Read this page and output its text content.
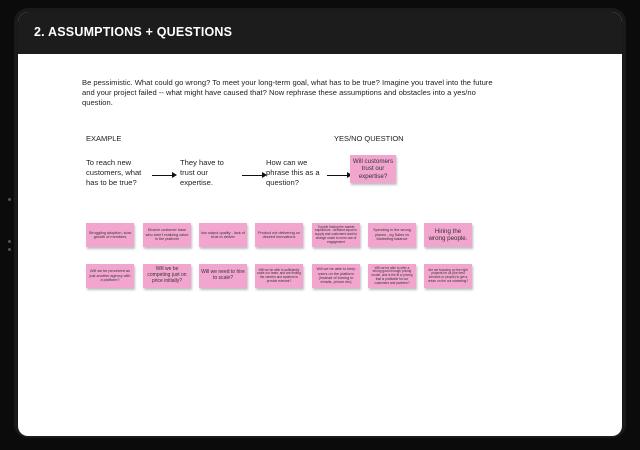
2. ASSUMPTIONS + QUESTIONS
Be pessimistic. What could go wrong? To meet your long-term goal, what has to be true? Imagine you travel into the future and your project failed -- what might have caused that? Now rephrase these assumptions and obstacles into a yes/no question.
EXAMPLE	YES/NO QUESTION
To reach new customers, what has to be true?
They have to trust our expertise.
How can we phrase this as a question?
Will customers trust our expertise?
Struggling adoption, slow growth of members
Elusive customer base who aren't realizing value in the platform
low output quality - lack of trust to deliver
Product not delivering on desired innovations
Trouble finding the market equilibrium - demand equal to supply and customers want to change mode to more use of engagement
Spending in the wrong places - eg Sales vs Marketing balance
Hiring the wrong people.
Will we be perceived as just another agency with a platform?
Will we be competing just on price initially?
Will we need to hire to scale?
Will we be able to sufficiently scale our team, and are finding the careers and systems to provide relevant?
Will we be able to keep users on the platform (Instead of turning to emails, phone etc)
Will we be able to offer a strong good enough pricing model, and is the fit w pricing that is profitable for our customers and partners?
Are we focusing on the right projects for us (the best services or people) to get a return on the our marketing?
